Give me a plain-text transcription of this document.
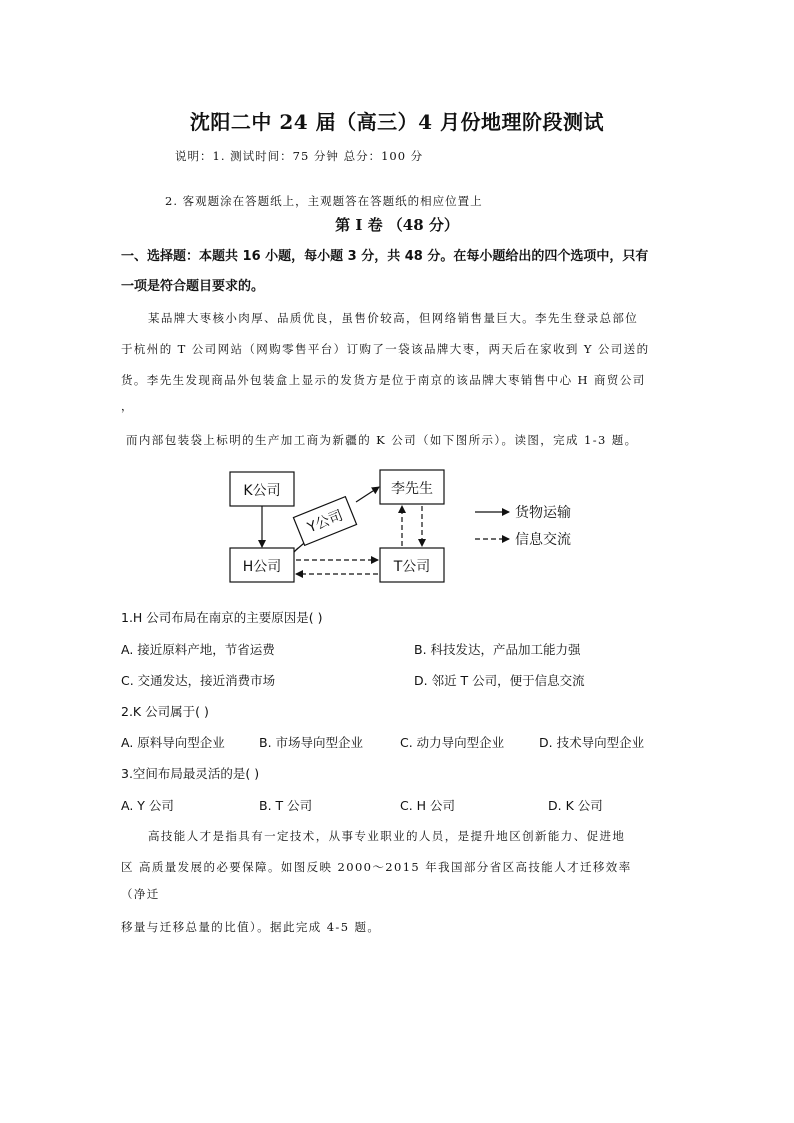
沈阳二中 24 届（高三）4 月份地理阶段测试
说明：1. 测试时间：75 分钟 总分：100 分
2. 客观题涂在答题纸上，主观题答在答题纸的相应位置上
第 I 卷 （48 分）
一、选择题：本题共 16 小题，每小题 3 分，共 48 分。在每小题给出的四个选项中，只有
一项是符合题目要求的。
某品牌大枣核小肉厚、品质优良，虽售价较高，但网络销售量巨大。李先生登录总部位
于杭州的 T 公司网站（网购零售平台）订购了一袋该品牌大枣，两天后在家收到 Y 公司送的
货。李先生发现商品外包装盒上显示的发货方是位于南京的该品牌大枣销售中心 H 商贸公司
，
而内部包装袋上标明的生产加工商为新疆的 K 公司（如下图所示）。读图，完成 1-3 题。
K公司
H公司
李先生
T公司
Y公司	货物运输
信息交流
1.H 公司布局在南京的主要原因是( )
A. 接近原料产地，节省运费	B. 科技发达，产品加工能力强
C. 交通发达，接近消费市场	D. 邻近 T 公司，便于信息交流
2.K 公司属于( )
A. 原料导向型企业	B. 市场导向型企业	C. 动力导向型企业	D. 技术导向型企业
3.空间布局最灵活的是( )
A. Y 公司	B. T 公司	C. H 公司	D. K 公司
高技能人才是指具有一定技术，从事专业职业的人员，是提升地区创新能力、促进地
区 高质量发展的必要保障。如图反映 2000～2015 年我国部分省区高技能人才迁移效率
（净迁
移量与迁移总量的比值）。据此完成 4-5 题。
